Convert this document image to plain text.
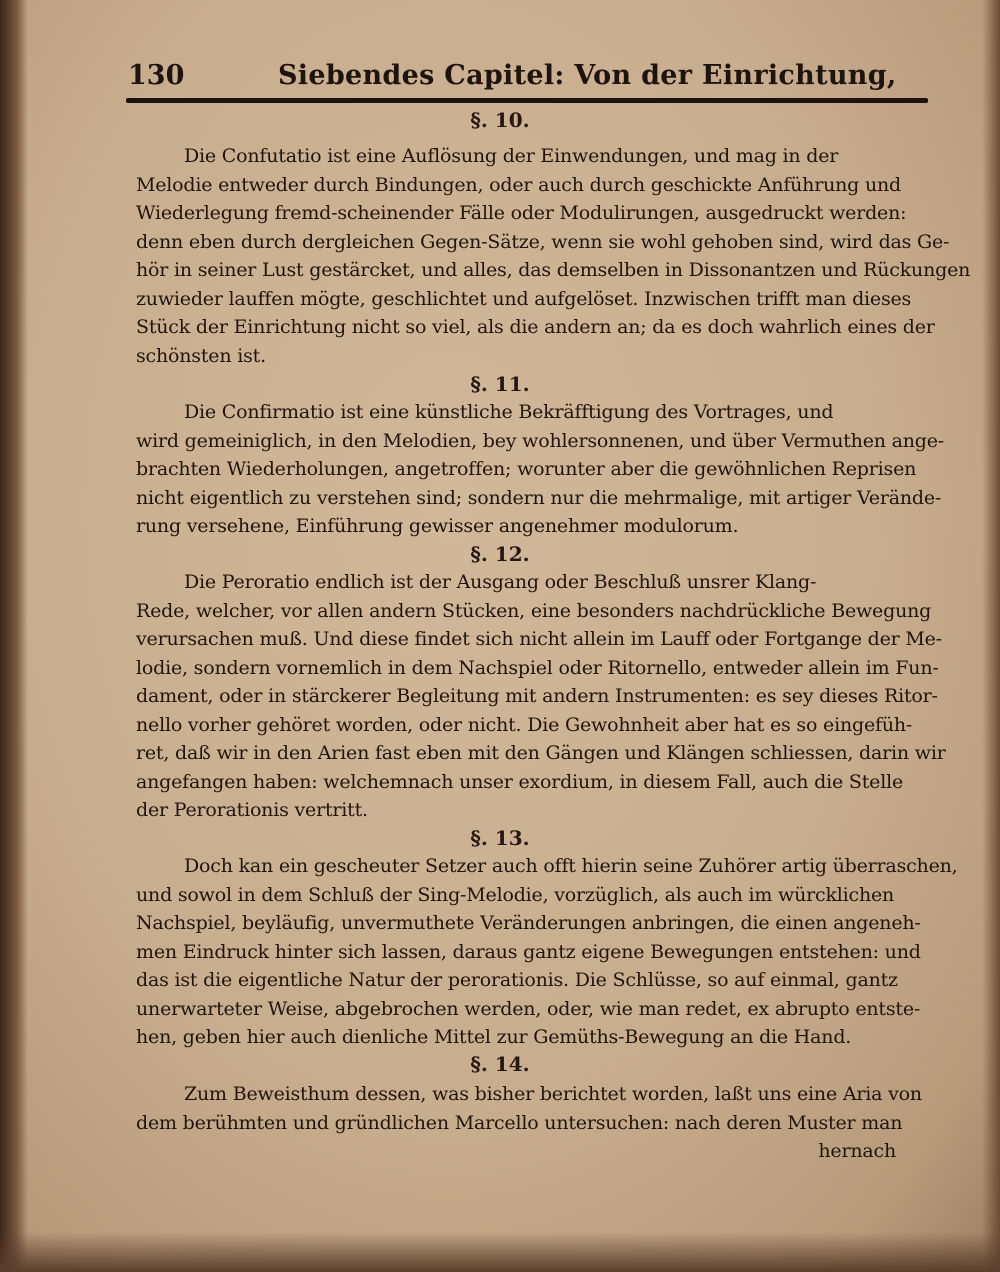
130	Siebendes Capitel: Von der Einrichtung,
§. 10.
Die Confutatio ist eine Auflösung der Einwendungen, und mag in der
Melodie entweder durch Bindungen, oder auch durch geschickte Anführung und
Wiederlegung fremd-scheinender Fälle oder Modulirungen, ausgedruckt werden:
denn eben durch dergleichen Gegen-Sätze, wenn sie wohl gehoben sind, wird das Ge-
hör in seiner Lust gestärcket, und alles, das demselben in Dissonantzen und Rückungen
zuwieder lauffen mögte, geschlichtet und aufgelöset. Inzwischen trifft man dieses
Stück der Einrichtung nicht so viel, als die andern an; da es doch wahrlich eines der
schönsten ist.
§. 11.
Die Confirmatio ist eine künstliche Bekräfftigung des Vortrages, und
wird gemeiniglich, in den Melodien, bey wohlersonnenen, und über Vermuthen ange-
brachten Wiederholungen, angetroffen; worunter aber die gewöhnlichen Reprisen
nicht eigentlich zu verstehen sind; sondern nur die mehrmalige, mit artiger Verände-
rung versehene, Einführung gewisser angenehmer modulorum.
§. 12.
Die Peroratio endlich ist der Ausgang oder Beschluß unsrer Klang-
Rede, welcher, vor allen andern Stücken, eine besonders nachdrückliche Bewegung
verursachen muß. Und diese findet sich nicht allein im Lauff oder Fortgange der Me-
lodie, sondern vornemlich in dem Nachspiel oder Ritornello, entweder allein im Fun-
dament, oder in stärckerer Begleitung mit andern Instrumenten: es sey dieses Ritor-
nello vorher gehöret worden, oder nicht. Die Gewohnheit aber hat es so eingefüh-
ret, daß wir in den Arien fast eben mit den Gängen und Klängen schliessen, darin wir
angefangen haben: welchemnach unser exordium, in diesem Fall, auch die Stelle
der Perorationis vertritt.
§. 13.
Doch kan ein gescheuter Setzer auch offt hierin seine Zuhörer artig überraschen,
und sowol in dem Schluß der Sing-Melodie, vorzüglich, als auch im würcklichen
Nachspiel, beyläufig, unvermuthete Veränderungen anbringen, die einen angeneh-
men Eindruck hinter sich lassen, daraus gantz eigene Bewegungen entstehen: und
das ist die eigentliche Natur der perorationis. Die Schlüsse, so auf einmal, gantz
unerwarteter Weise, abgebrochen werden, oder, wie man redet, ex abrupto entste-
hen, geben hier auch dienliche Mittel zur Gemüths-Bewegung an die Hand.
§. 14.
Zum Beweisthum dessen, was bisher berichtet worden, laßt uns eine Aria von
dem berühmten und gründlichen Marcello untersuchen: nach deren Muster man
hernach
